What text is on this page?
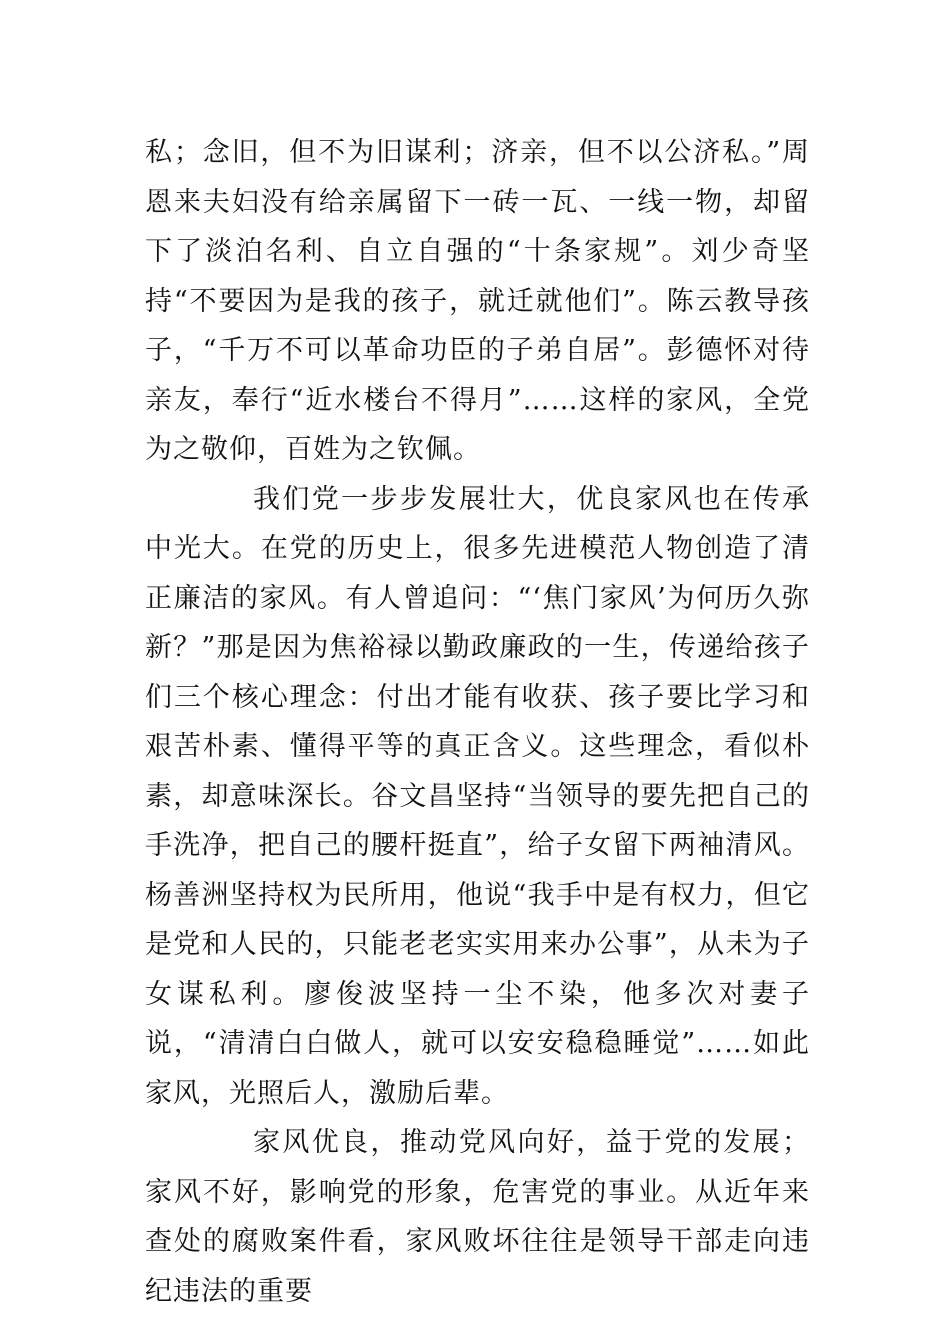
私；念旧，但不为旧谋利；济亲，但不以公济私。”周恩来夫妇没有给亲属留下一砖一瓦、一线一物，却留下了淡泊名利、自立自强的“十条家规”。刘少奇坚持“不要因为是我的孩子，就迁就他们”。陈云教导孩子，“千万不可以革命功臣的子弟自居”。彭德怀对待亲友，奉行“近水楼台不得月”……这样的家风，全党为之敬仰，百姓为之钦佩。

我们党一步步发展壮大，优良家风也在传承中光大。在党的历史上，很多先进模范人物创造了清正廉洁的家风。有人曾追问：“‘焦门家风’为何历久弥新？”那是因为焦裕禄以勤政廉政的一生，传递给孩子们三个核心理念：付出才能有收获、孩子要比学习和艰苦朴素、懂得平等的真正含义。这些理念，看似朴素，却意味深长。谷文昌坚持“当领导的要先把自己的手洗净，把自己的腰杆挺直”，给子女留下两袖清风。杨善洲坚持权为民所用，他说“我手中是有权力，但它是党和人民的，只能老老实实用来办公事”，从未为子女谋私利。廖俊波坚持一尘不染，他多次对妻子说，“清清白白做人，就可以安安稳稳睡觉”……如此家风，光照后人，激励后辈。

家风优良，推动党风向好，益于党的发展；家风不好，影响党的形象，危害党的事业。从近年来查处的腐败案件看，家风败坏往往是领导干部走向违纪违法的重要
